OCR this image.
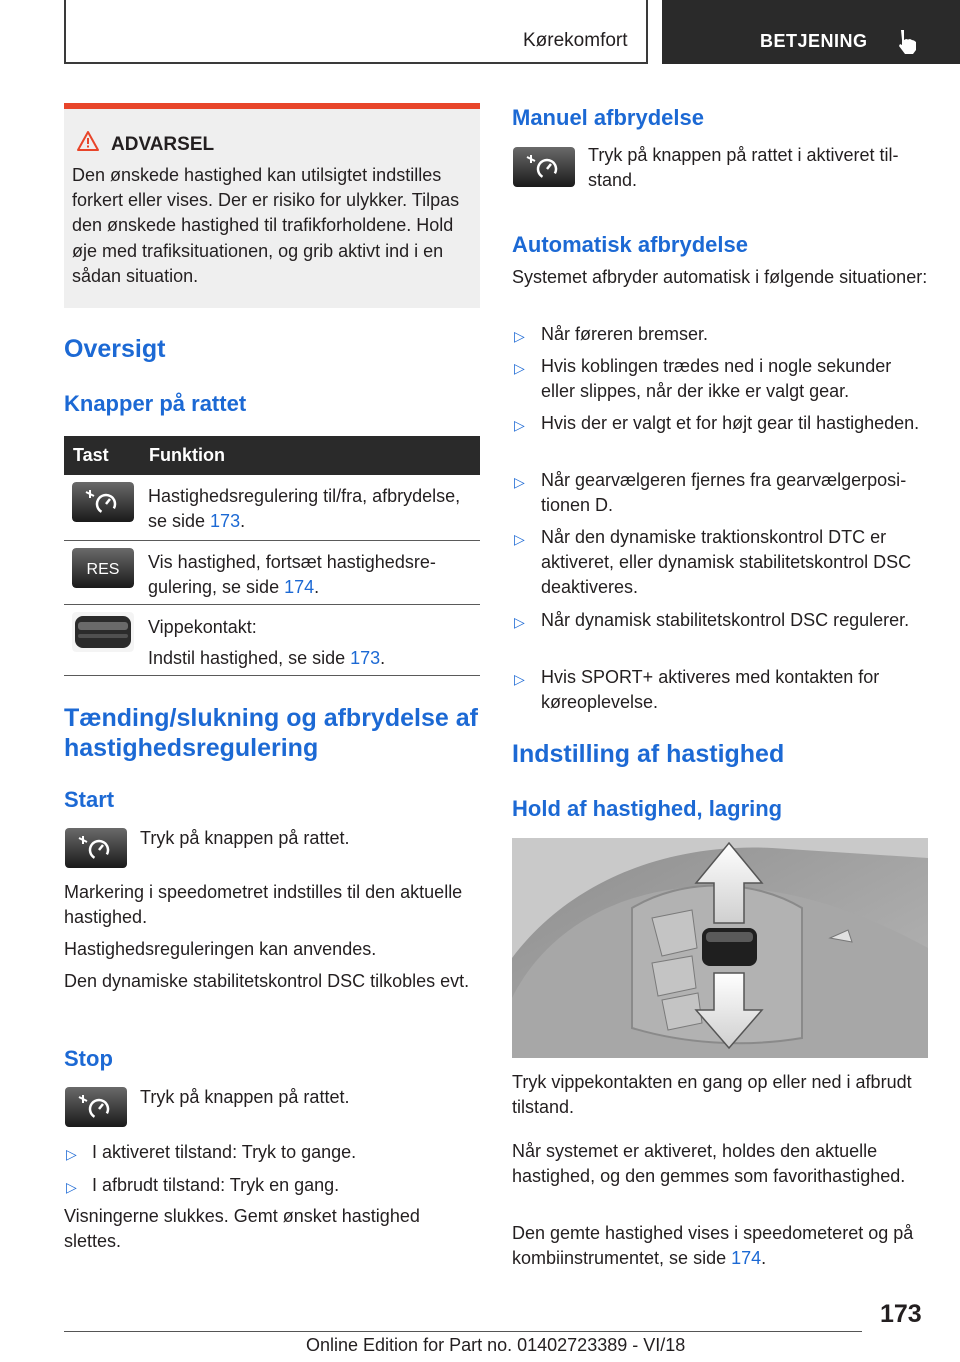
Kørekomfort	BETJENING
ADVARSEL

Den ønskede hastighed kan utilsigtet indstilles forkert eller vises. Der er risiko for ulykker. Tilpas den ønskede hastighed til trafikforholdene. Hold øje med trafiksituationen, og grib aktivt ind i en sådan situation.

Oversigt
Knapper på rattet
Tast Funktion
Hastighedsregulering til/fra, afbrydelse, se side 173.
RES Vis hastighed, fortsæt hastighedsregulering, se side 174.
Vippekontakt:
Indstil hastighed, se side 173.
Tænding/slukning og afbrydelse af hastighedsregulering
Start
Tryk på knappen på rattet.

Markering i speedometret indstilles til den aktuelle hastighed.

Hastighedsreguleringen kan anvendes.

Den dynamiske stabilitetskontrol DSC tilkobles evt.

Stop
Tryk på knappen på rattet.
▷ I aktiveret tilstand: Tryk to gange.
▷ I afbrudt tilstand: Tryk en gang.

Visningerne slukkes. Gemt ønsket hastighed slettes.

Manuel afbrydelse

Tryk på knappen på rattet i aktiveret tilstand.

Automatisk afbrydelse

Systemet afbryder automatisk i følgende situationer:

▷ Når føreren bremser.

▷ Hvis koblingen trædes ned i nogle sekunder eller slippes, når der ikke er valgt gear.

▷ Hvis der er valgt et for højt gear til hastigheden.

▷ Når gearvælgeren fjernes fra gearvælgerpositionen D.

▷ Når den dynamiske traktionskontrol DTC er aktiveret, eller dynamisk stabilitetskontrol DSC deaktiveres.

▷ Når dynamisk stabilitetskontrol DSC regulerer.

▷ Hvis SPORT+ aktiveres med kontakten for køreoplevelse.

Indstilling af hastighed
Hold af hastighed, lagring

Tryk vippekontakten en gang op eller ned i afbrudt tilstand.

Når systemet er aktiveret, holdes den aktuelle hastighed, og den gemmes som favorithastighed.

Den gemte hastighed vises i speedometeret og på kombiinstrumentet, se side 174.

173
Online Edition for Part no. 01402723389 - VI/18
